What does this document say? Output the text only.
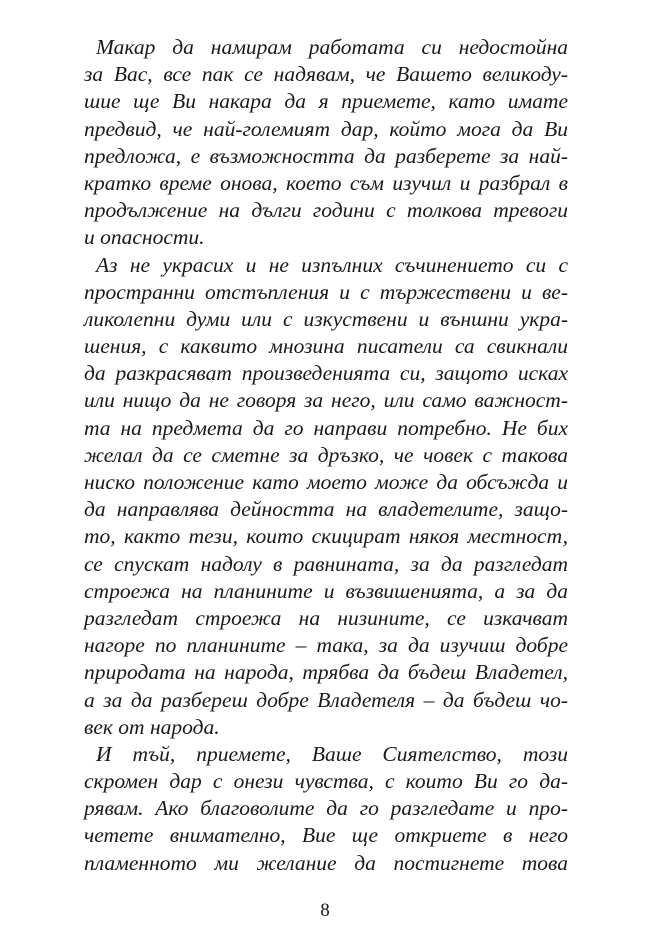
Макар да намирам работата си недостойна
за Вас, все пак се надявам, че Вашето великоду-
шие ще Ви накара да я приемете, като имате
предвид, че най-големият дар, който мога да Ви
предложа, е възможността да разберете за най-
кратко време онова, което съм изучил и разбрал в
продължение на дълги години с толкова тревоги
и опасности.
Аз не украсих и не изпълних съчинението си с
пространни отстъпления и с тържествени и ве-
ликолепни думи или с изкуствени и външни укра-
шения, с каквито мнозина писатели са свикнали
да разкрасяват произведенията си, защото исках
или нищо да не говоря за него, или само важност-
та на предмета да го направи потребно. Не бих
желал да се сметне за дръзко, че човек с такова
ниско положение като моето може да обсъжда и
да направлява дейността на владетелите, защо-
то, както тези, които скицират някоя местност,
се спускат надолу в равнината, за да разгледат
строежа на планините и възвишенията, а за да
разгледат строежа на низините, се изкачват
нагоре по планините – така, за да изучиш добре
природата на народа, трябва да бъдеш Владетел,
а за да разбереш добре Владетеля – да бъдеш чо-
век от народа.
И тъй, приемете, Ваше Сиятелство, този
скромен дар с онези чувства, с които Ви го да-
рявам. Ако благоволите да го разгледате и про-
четете внимателно, Вие ще откриете в него
пламенното ми желание да постигнете това
8
